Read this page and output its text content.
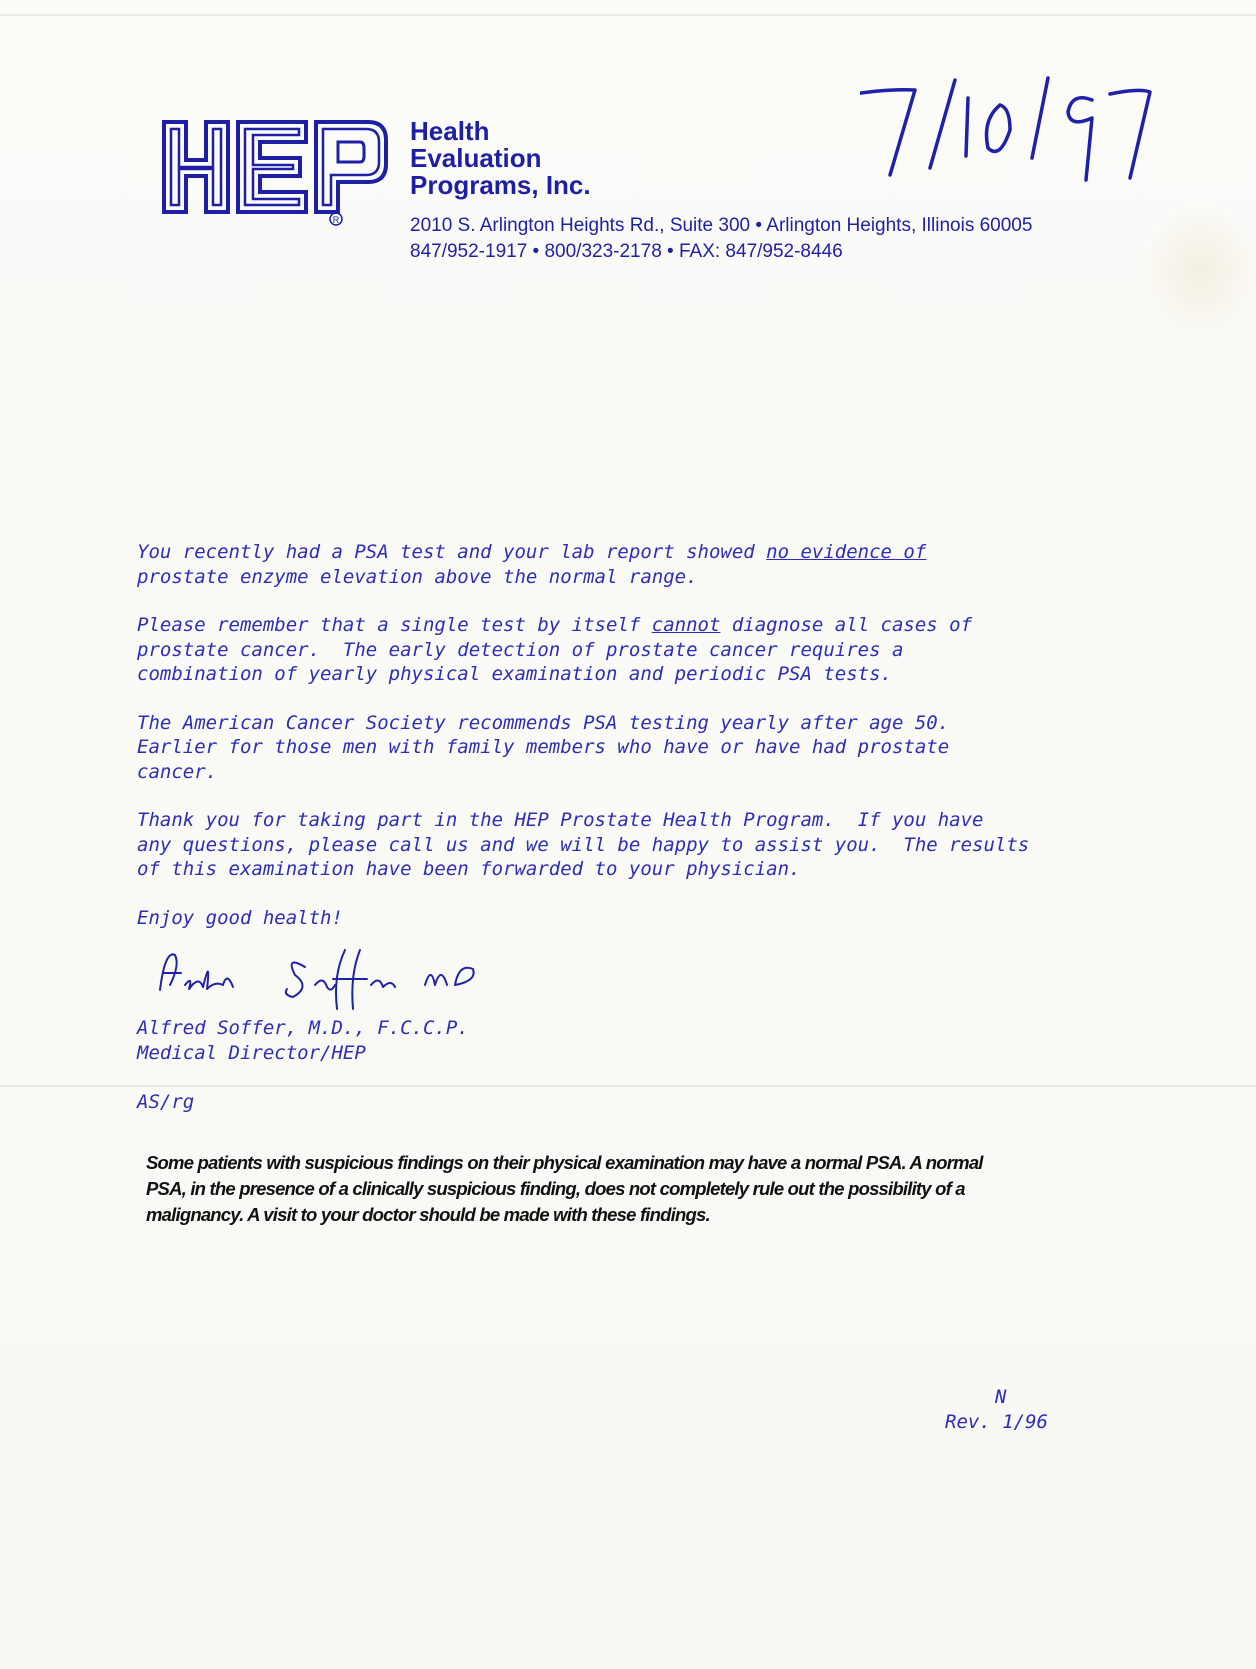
R
Health
Evaluation
Programs, Inc.
2010 S. Arlington Heights Rd., Suite 300 • Arlington Heights, Illinois 60005
847/952-1917 • 800/323-2178 • FAX: 847/952-8446
You recently had a PSA test and your lab report showed no evidence of
prostate enzyme elevation above the normal range.
Please remember that a single test by itself cannot diagnose all cases of
prostate cancer.  The early detection of prostate cancer requires a
combination of yearly physical examination and periodic PSA tests.
The American Cancer Society recommends PSA testing yearly after age 50.
Earlier for those men with family members who have or have had prostate
cancer.
Thank you for taking part in the HEP Prostate Health Program.  If you have
any questions, please call us and we will be happy to assist you.  The results
of this examination have been forwarded to your physician.
Enjoy good health!
Alfred Soffer, M.D., F.C.C.P.
Medical Director/HEP
AS/rg
Some patients with suspicious findings on their physical examination may have a normal PSA. A normal
PSA, in the presence of a clinically suspicious finding, does not completely rule out the possibility of a
malignancy. A visit to your doctor should be made with these findings.
N
Rev. 1/96
